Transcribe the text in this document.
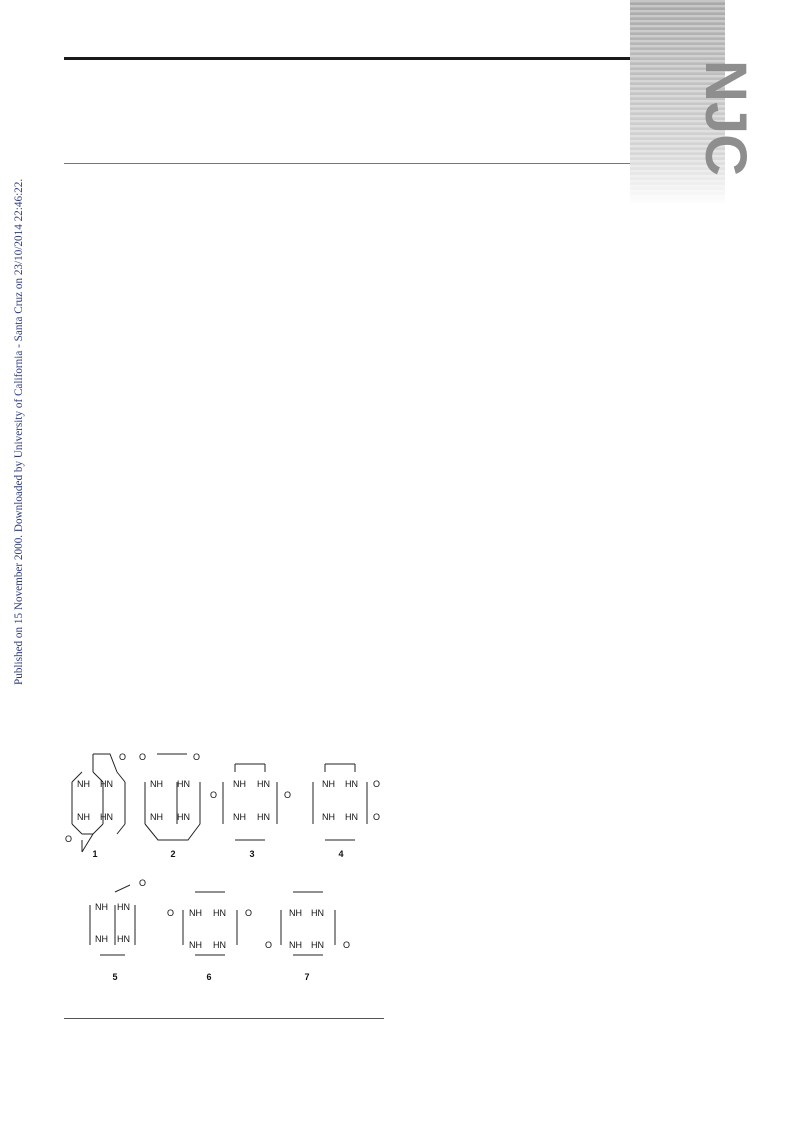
Published on 15 November 2000. Downloaded by University of California - Santa Cruz on 23/10/2014 22:46:22.
NJC
NH HN
NH HN
O
O
NH HN
NH HN
O	O
NH HN
NH HN
O	O
NH HN
NH HN
O
O
NH HN
NH HN
O
NH HN
NH HN
O	O	NH HN
NH HN
O	O
1	2	3	4
5	6	7
